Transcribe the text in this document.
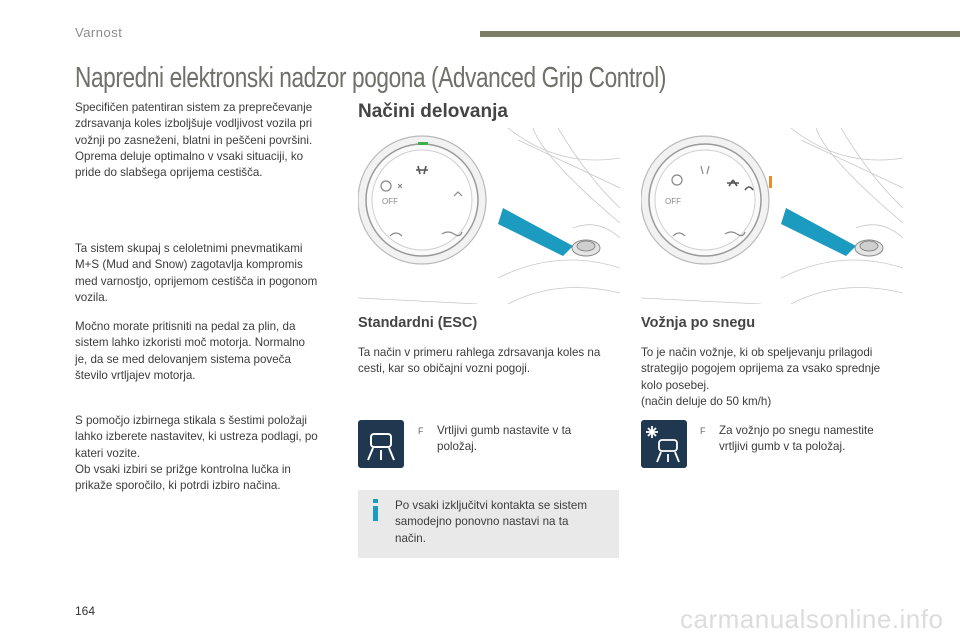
Varnost
Napredni elektronski nadzor pogona (Advanced Grip Control)
Specifičen patentiran sistem za preprečevanje
zdrsavanja koles izboljšuje vodljivost vozila pri
vožnji po zasneženi, blatni in peščeni površini.
Oprema deluje optimalno v vsaki situaciji, ko
pride do slabšega oprijema cestišča.
Ta sistem skupaj s celoletnimi pnevmatikami
M+S (Mud and Snow) zagotavlja kompromis
med varnostjo, oprijemom cestišča in pogonom
vozila.
Močno morate pritisniti na pedal za plin, da
sistem lahko izkoristi moč motorja. Normalno
je, da se med delovanjem sistema poveča
število vrtljajev motorja.
S pomočjo izbirnega stikala s šestimi položaji
lahko izberete nastavitev, ki ustreza podlagi, po
kateri vozite.
Ob vsaki izbiri se prižge kontrolna lučka in
prikaže sporočilo, ki potrdi izbiro načina.
Načini delovanja
OFF	OFF
Standardni (ESC)
Ta način v primeru rahlega zdrsavanja koles na
cesti, kar so običajni vozni pogoji.
F Vrtljivi gumb nastavite v ta
položaj.
Po vsaki izključitvi kontakta se sistem
samodejno ponovno nastavi na ta
način.
Vožnja po snegu
To je način vožnje, ki ob speljevanju prilagodi
strategijo pogojem oprijema za vsako sprednje
kolo posebej.
(način deluje do 50 km/h)
F Za vožnjo po snegu namestite
vrtljivi gumb v ta položaj.
164	carmanualsonline.info
